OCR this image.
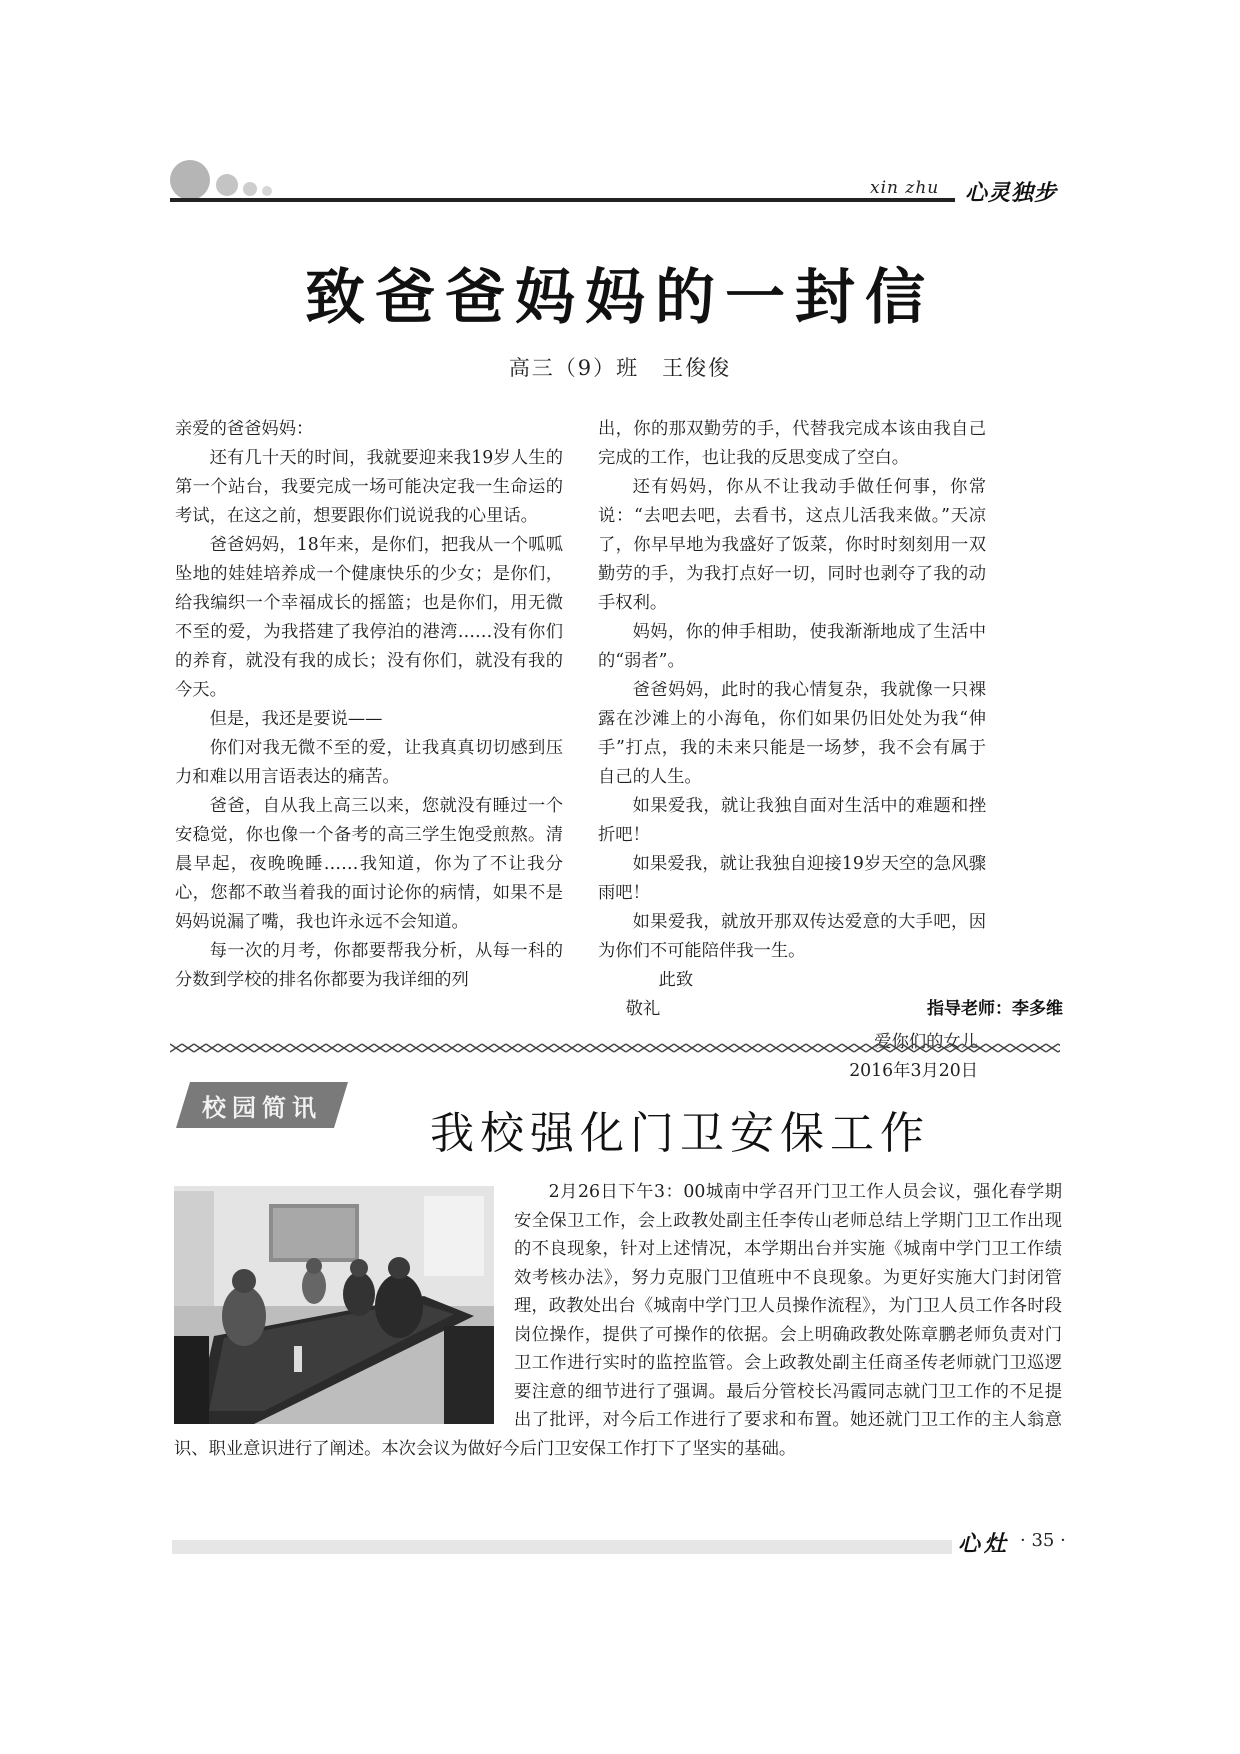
xin zhu 心灵独步
致爸爸妈妈的一封信
高三（9）班　王俊俊

亲爱的爸爸妈妈：

还有几十天的时间，我就要迎来我19岁人生的第一个站台，我要完成一场可能决定我一生命运的考试，在这之前，想要跟你们说说我的心里话。

爸爸妈妈，18年来，是你们，把我从一个呱呱坠地的娃娃培养成一个健康快乐的少女；是你们，给我编织一个幸福成长的摇篮；也是你们，用无微不至的爱，为我搭建了我停泊的港湾……没有你们的养育，就没有我的成长；没有你们，就没有我的今天。

但是，我还是要说——

你们对我无微不至的爱，让我真真切切感到压力和难以用言语表达的痛苦。

爸爸，自从我上高三以来，您就没有睡过一个安稳觉，你也像一个备考的高三学生饱受煎熬。清晨早起，夜晚晚睡……我知道，你为了不让我分心，您都不敢当着我的面讨论你的病情，如果不是妈妈说漏了嘴，我也许永远不会知道。

每一次的月考，你都要帮我分析，从每一科的分数到学校的排名你都要为我详细的列

出，你的那双勤劳的手，代替我完成本该由我自己完成的工作，也让我的反思变成了空白。

还有妈妈，你从不让我动手做任何事，你常说：“去吧去吧，去看书，这点儿活我来做。”天凉了，你早早地为我盛好了饭菜，你时时刻刻用一双勤劳的手，为我打点好一切，同时也剥夺了我的动手权利。

妈妈，你的伸手相助，使我渐渐地成了生活中的“弱者”。

爸爸妈妈，此时的我心情复杂，我就像一只裸露在沙滩上的小海龟，你们如果仍旧处处为我“伸手”打点，我的未来只能是一场梦，我不会有属于自己的人生。

如果爱我，就让我独自面对生活中的难题和挫折吧！

如果爱我，就让我独自迎接19岁天空的急风骤雨吧！

如果爱我，就放开那双传达爱意的大手吧，因为你们不可能陪伴我一生。

此致

敬礼

2016年3月20日

指导老师：李多维
校园简讯	我校强化门卫安保工作

2月26日下午3：00城南中学召开门卫工作人员会议，强化春学期安全保卫工作，会上政教处副主任李传山老师总结上学期门卫工作出现的不良现象，针对上述情况，本学期出台并实施《城南中学门卫工作绩效考核办法》，努力克服门卫值班中不良现象。为更好实施大门封闭管理，政教处出台《城南中学门卫人员操作流程》，为门卫人员工作各时段岗位操作，提供了可操作的依据。会上明确政教处陈章鹏老师负责对门卫工作进行实时的监控监管。会上政教处副主任商圣传老师就门卫巡逻要注意的细节进行了强调。最后分管校长冯霞同志就门卫工作的不足提出了批评，对今后工作进行了要求和布置。她还就门卫工作的主人翁意识、职业意识进行了阐述。本次会议为做好今后门卫安保工作打下了坚实的基础。

心灶 · 35 ·
